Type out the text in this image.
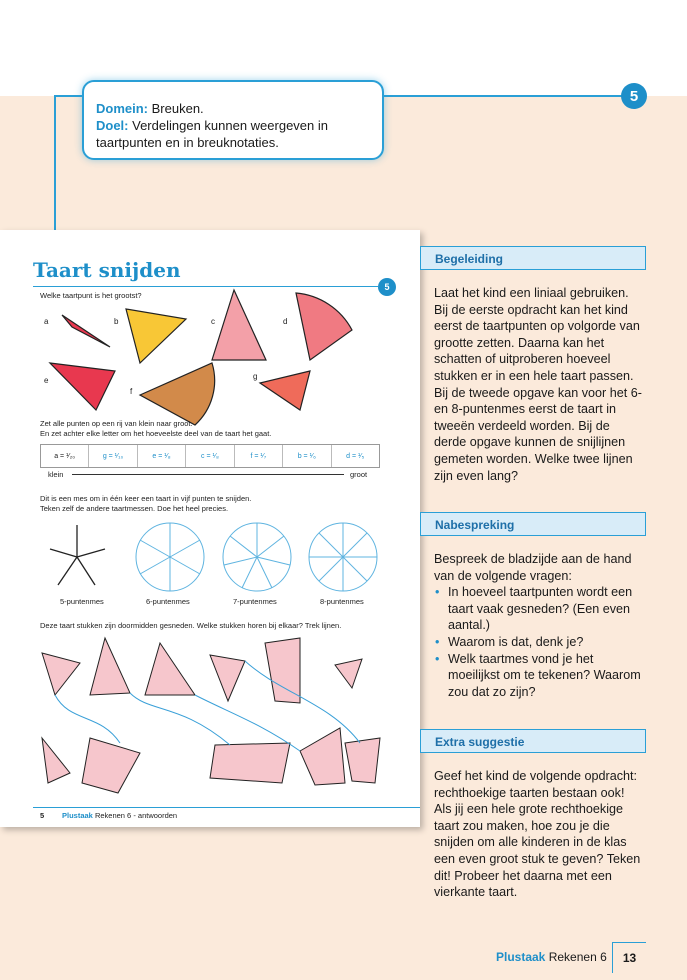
5
Domein: Breuken.
Doel: Verdelingen kunnen weergeven in taartpunten en in breuknotaties.
Taart snijden
5
Welke taartpunt is het grootst?
a	b	c	d
e
f
g
Zet alle punten op een rij van klein naar groot.
En zet achter elke letter om het hoeveelste deel van de taart het gaat.
a = ¹⁄₂₀	g = ¹⁄₁₀	e = ¹⁄₈	c = ¹⁄₈	f = ¹⁄₇	b = ¹⁄₆	d = ¹⁄₅
klein	groot
Dit is een mes om in één keer een taart in vijf punten te snijden.
Teken zelf de andere taartmessen. Doe het heel precies.
5-puntenmes	6-puntenmes	7-puntenmes	8-puntenmes
Deze taart stukken zijn doormidden gesneden. Welke stukken horen bij elkaar? Trek lijnen.
5 Plustaak Rekenen 6 - antwoorden
Begeleiding
Laat het kind een liniaal gebruiken. Bij de eerste opdracht kan het kind eerst de taartpunten op volgorde van grootte zetten. Daarna kan het schatten of uitproberen hoeveel stukken er in een hele taart passen. Bij de tweede opgave kan voor het 6- en 8-puntenmes eerst de taart in tweeën verdeeld worden. Bij de derde opgave kunnen de snijlijnen gemeten worden. Welke twee lijnen zijn even lang?
Nabespreking
Bespreek de bladzijde aan de hand van de volgende vragen:
• In hoeveel taartpunten wordt een taart vaak gesneden? (Een even aantal.)
• Waarom is dat, denk je?
• Welk taartmes vond je het moeilijkst om te tekenen? Waarom zou dat zo zijn?
Extra suggestie
Geef het kind de volgende opdracht: rechthoekige taarten bestaan ook! Als jij een hele grote rechthoekige taart zou maken, hoe zou je die snijden om alle kinderen in de klas een even groot stuk te geven? Teken dit! Probeer het daarna met een vierkante taart.
Plustaak Rekenen 6	13
